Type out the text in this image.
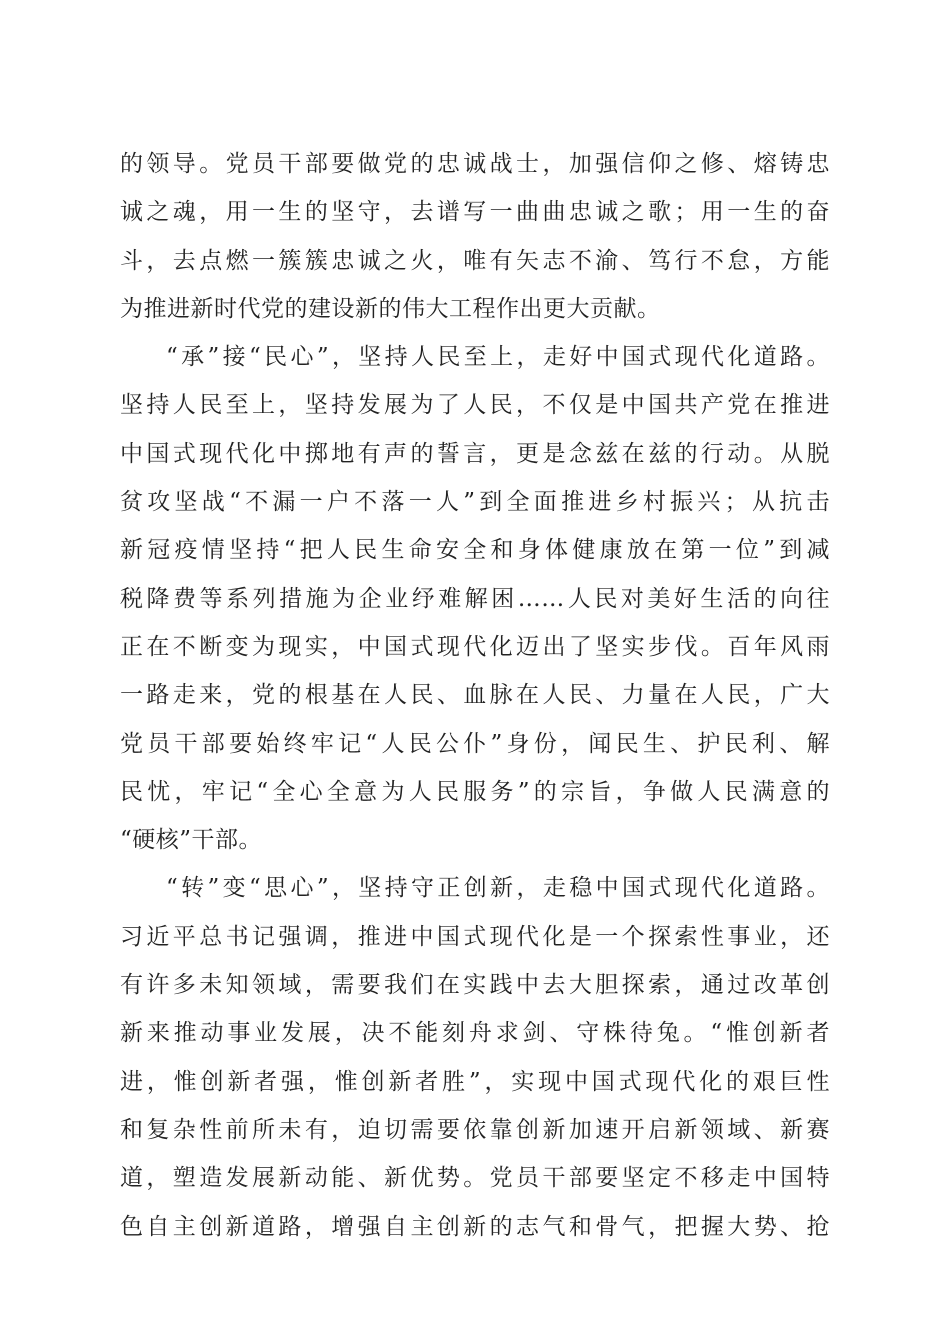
的领导。党员干部要做党的忠诚战士，加强信仰之修、熔铸忠
诚之魂，用一生的坚守，去谱写一曲曲忠诚之歌；用一生的奋
斗，去点燃一簇簇忠诚之火，唯有矢志不渝、笃行不怠，方能
为推进新时代党的建设新的伟大工程作出更大贡献。
“承”接“民心”，坚持人民至上，走好中国式现代化道路。
坚持人民至上，坚持发展为了人民，不仅是中国共产党在推进
中国式现代化中掷地有声的誓言，更是念兹在兹的行动。从脱
贫攻坚战“不漏一户不落一人”到全面推进乡村振兴；从抗击
新冠疫情坚持“把人民生命安全和身体健康放在第一位”到减
税降费等系列措施为企业纾难解困……人民对美好生活的向往
正在不断变为现实，中国式现代化迈出了坚实步伐。百年风雨
一路走来，党的根基在人民、血脉在人民、力量在人民，广大
党员干部要始终牢记“人民公仆”身份，闻民生、护民利、解
民忧，牢记“全心全意为人民服务”的宗旨，争做人民满意的
“硬核”干部。
“转”变“思心”，坚持守正创新，走稳中国式现代化道路。
习近平总书记强调，推进中国式现代化是一个探索性事业，还
有许多未知领域，需要我们在实践中去大胆探索，通过改革创
新来推动事业发展，决不能刻舟求剑、守株待兔。“惟创新者
进，惟创新者强，惟创新者胜”，实现中国式现代化的艰巨性
和复杂性前所未有，迫切需要依靠创新加速开启新领域、新赛
道，塑造发展新动能、新优势。党员干部要坚定不移走中国特
色自主创新道路，增强自主创新的志气和骨气，把握大势、抢
